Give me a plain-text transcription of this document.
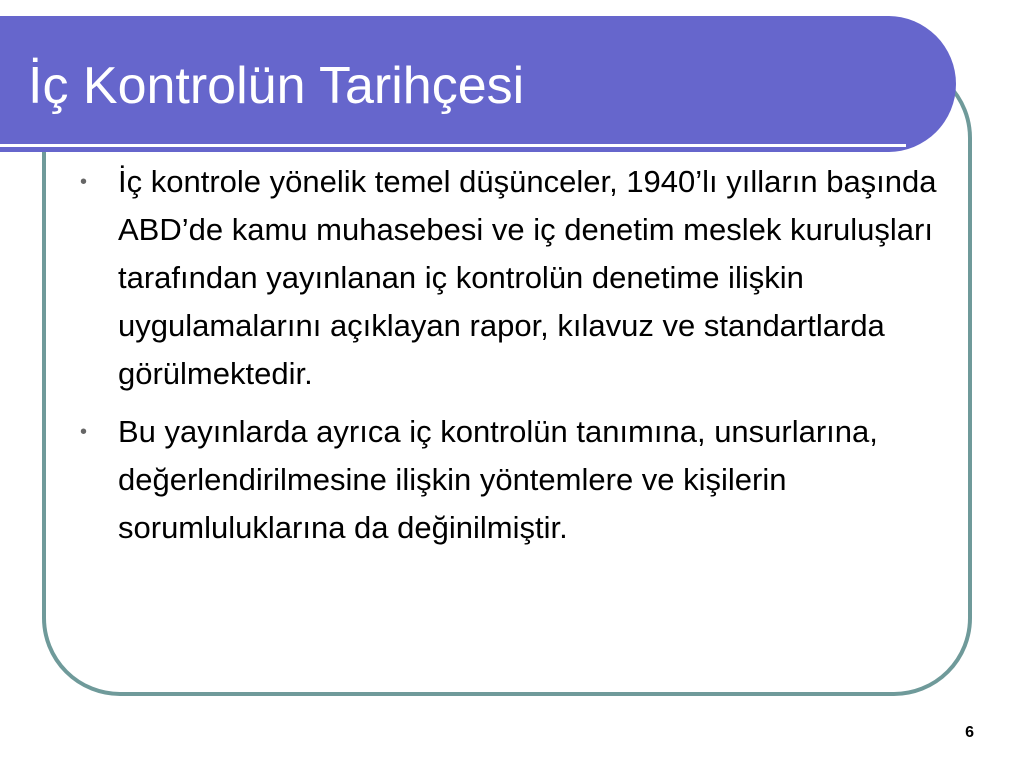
İç Kontrolün Tarihçesi
• İç kontrole yönelik temel düşünceler, 1940’lı yılların başında ABD’de kamu muhasebesi ve iç denetim meslek kuruluşları tarafından yayınlanan iç kontrolün denetime ilişkin uygulamalarını açıklayan rapor, kılavuz ve standartlarda görülmektedir.
• Bu yayınlarda ayrıca iç kontrolün tanımına, unsurlarına, değerlendirilmesine ilişkin yöntemlere ve kişilerin sorumluluklarına da değinilmiştir.
6
